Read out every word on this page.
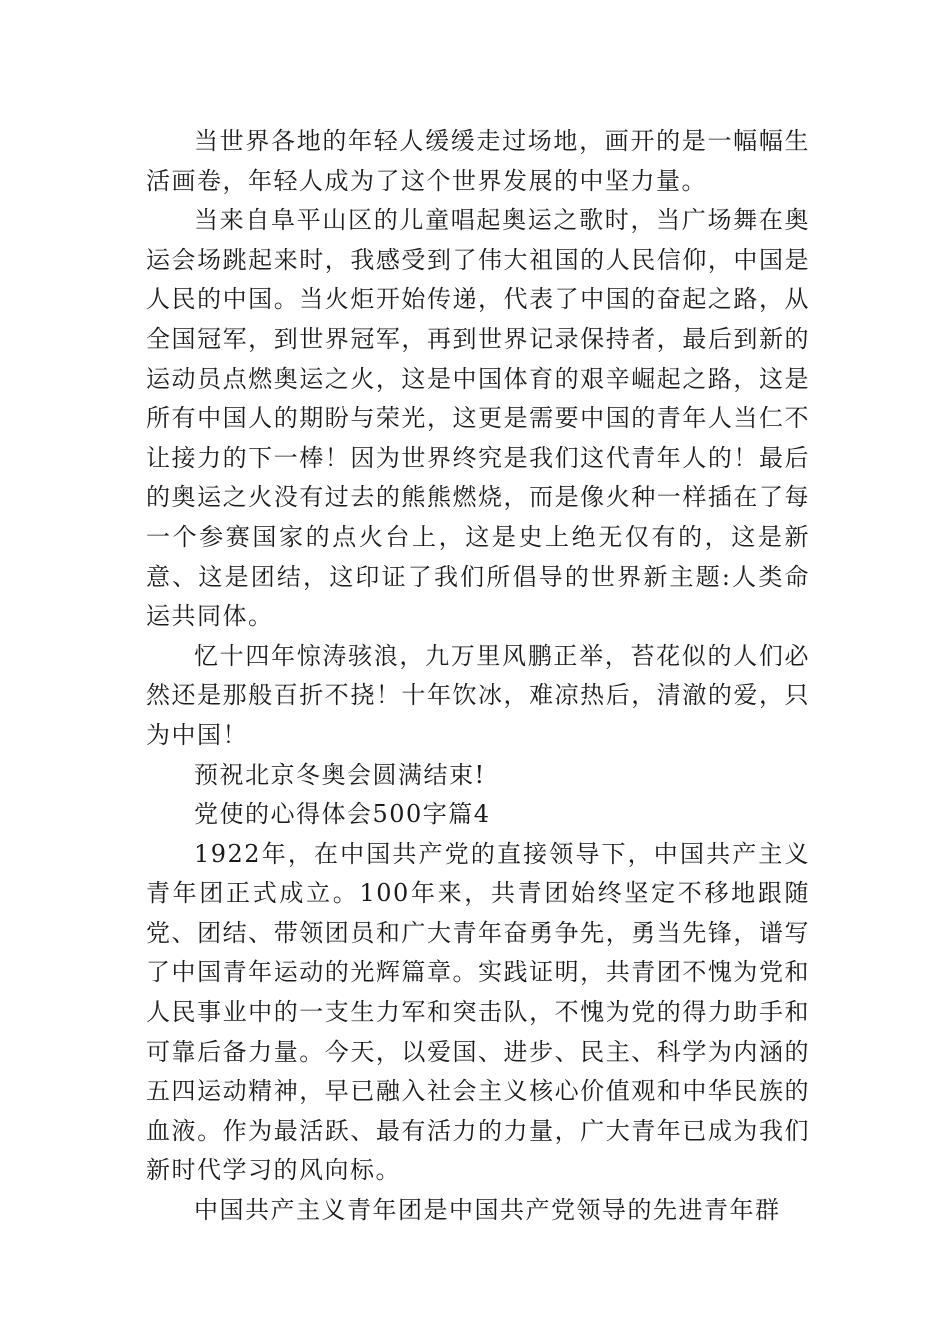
当世界各地的年轻人缓缓走过场地，画开的是一幅幅生活画卷，年轻人成为了这个世界发展的中坚力量。

当来自阜平山区的儿童唱起奥运之歌时，当广场舞在奥运会场跳起来时，我感受到了伟大祖国的人民信仰，中国是人民的中国。当火炬开始传递，代表了中国的奋起之路，从全国冠军，到世界冠军，再到世界记录保持者，最后到新的运动员点燃奥运之火，这是中国体育的艰辛崛起之路，这是所有中国人的期盼与荣光，这更是需要中国的青年人当仁不让接力的下一棒！因为世界终究是我们这代青年人的！最后的奥运之火没有过去的熊熊燃烧，而是像火种一样插在了每一个参赛国家的点火台上，这是史上绝无仅有的，这是新意、这是团结，这印证了我们所倡导的世界新主题:人类命运共同体。

忆十四年惊涛骇浪，九万里风鹏正举，苔花似的人们必然还是那般百折不挠！十年饮冰，难凉热后，清澈的爱，只为中国！

预祝北京冬奥会圆满结束!

党使的心得体会500字篇4

1922年，在中国共产党的直接领导下，中国共产主义青年团正式成立。100年来，共青团始终坚定不移地跟随党、团结、带领团员和广大青年奋勇争先，勇当先锋，谱写了中国青年运动的光辉篇章。实践证明，共青团不愧为党和人民事业中的一支生力军和突击队，不愧为党的得力助手和可靠后备力量。今天，以爱国、进步、民主、科学为内涵的五四运动精神，早已融入社会主义核心价值观和中华民族的血液。作为最活跃、最有活力的力量，广大青年已成为我们新时代学习的风向标。

中国共产主义青年团是中国共产党领导的先进青年群
